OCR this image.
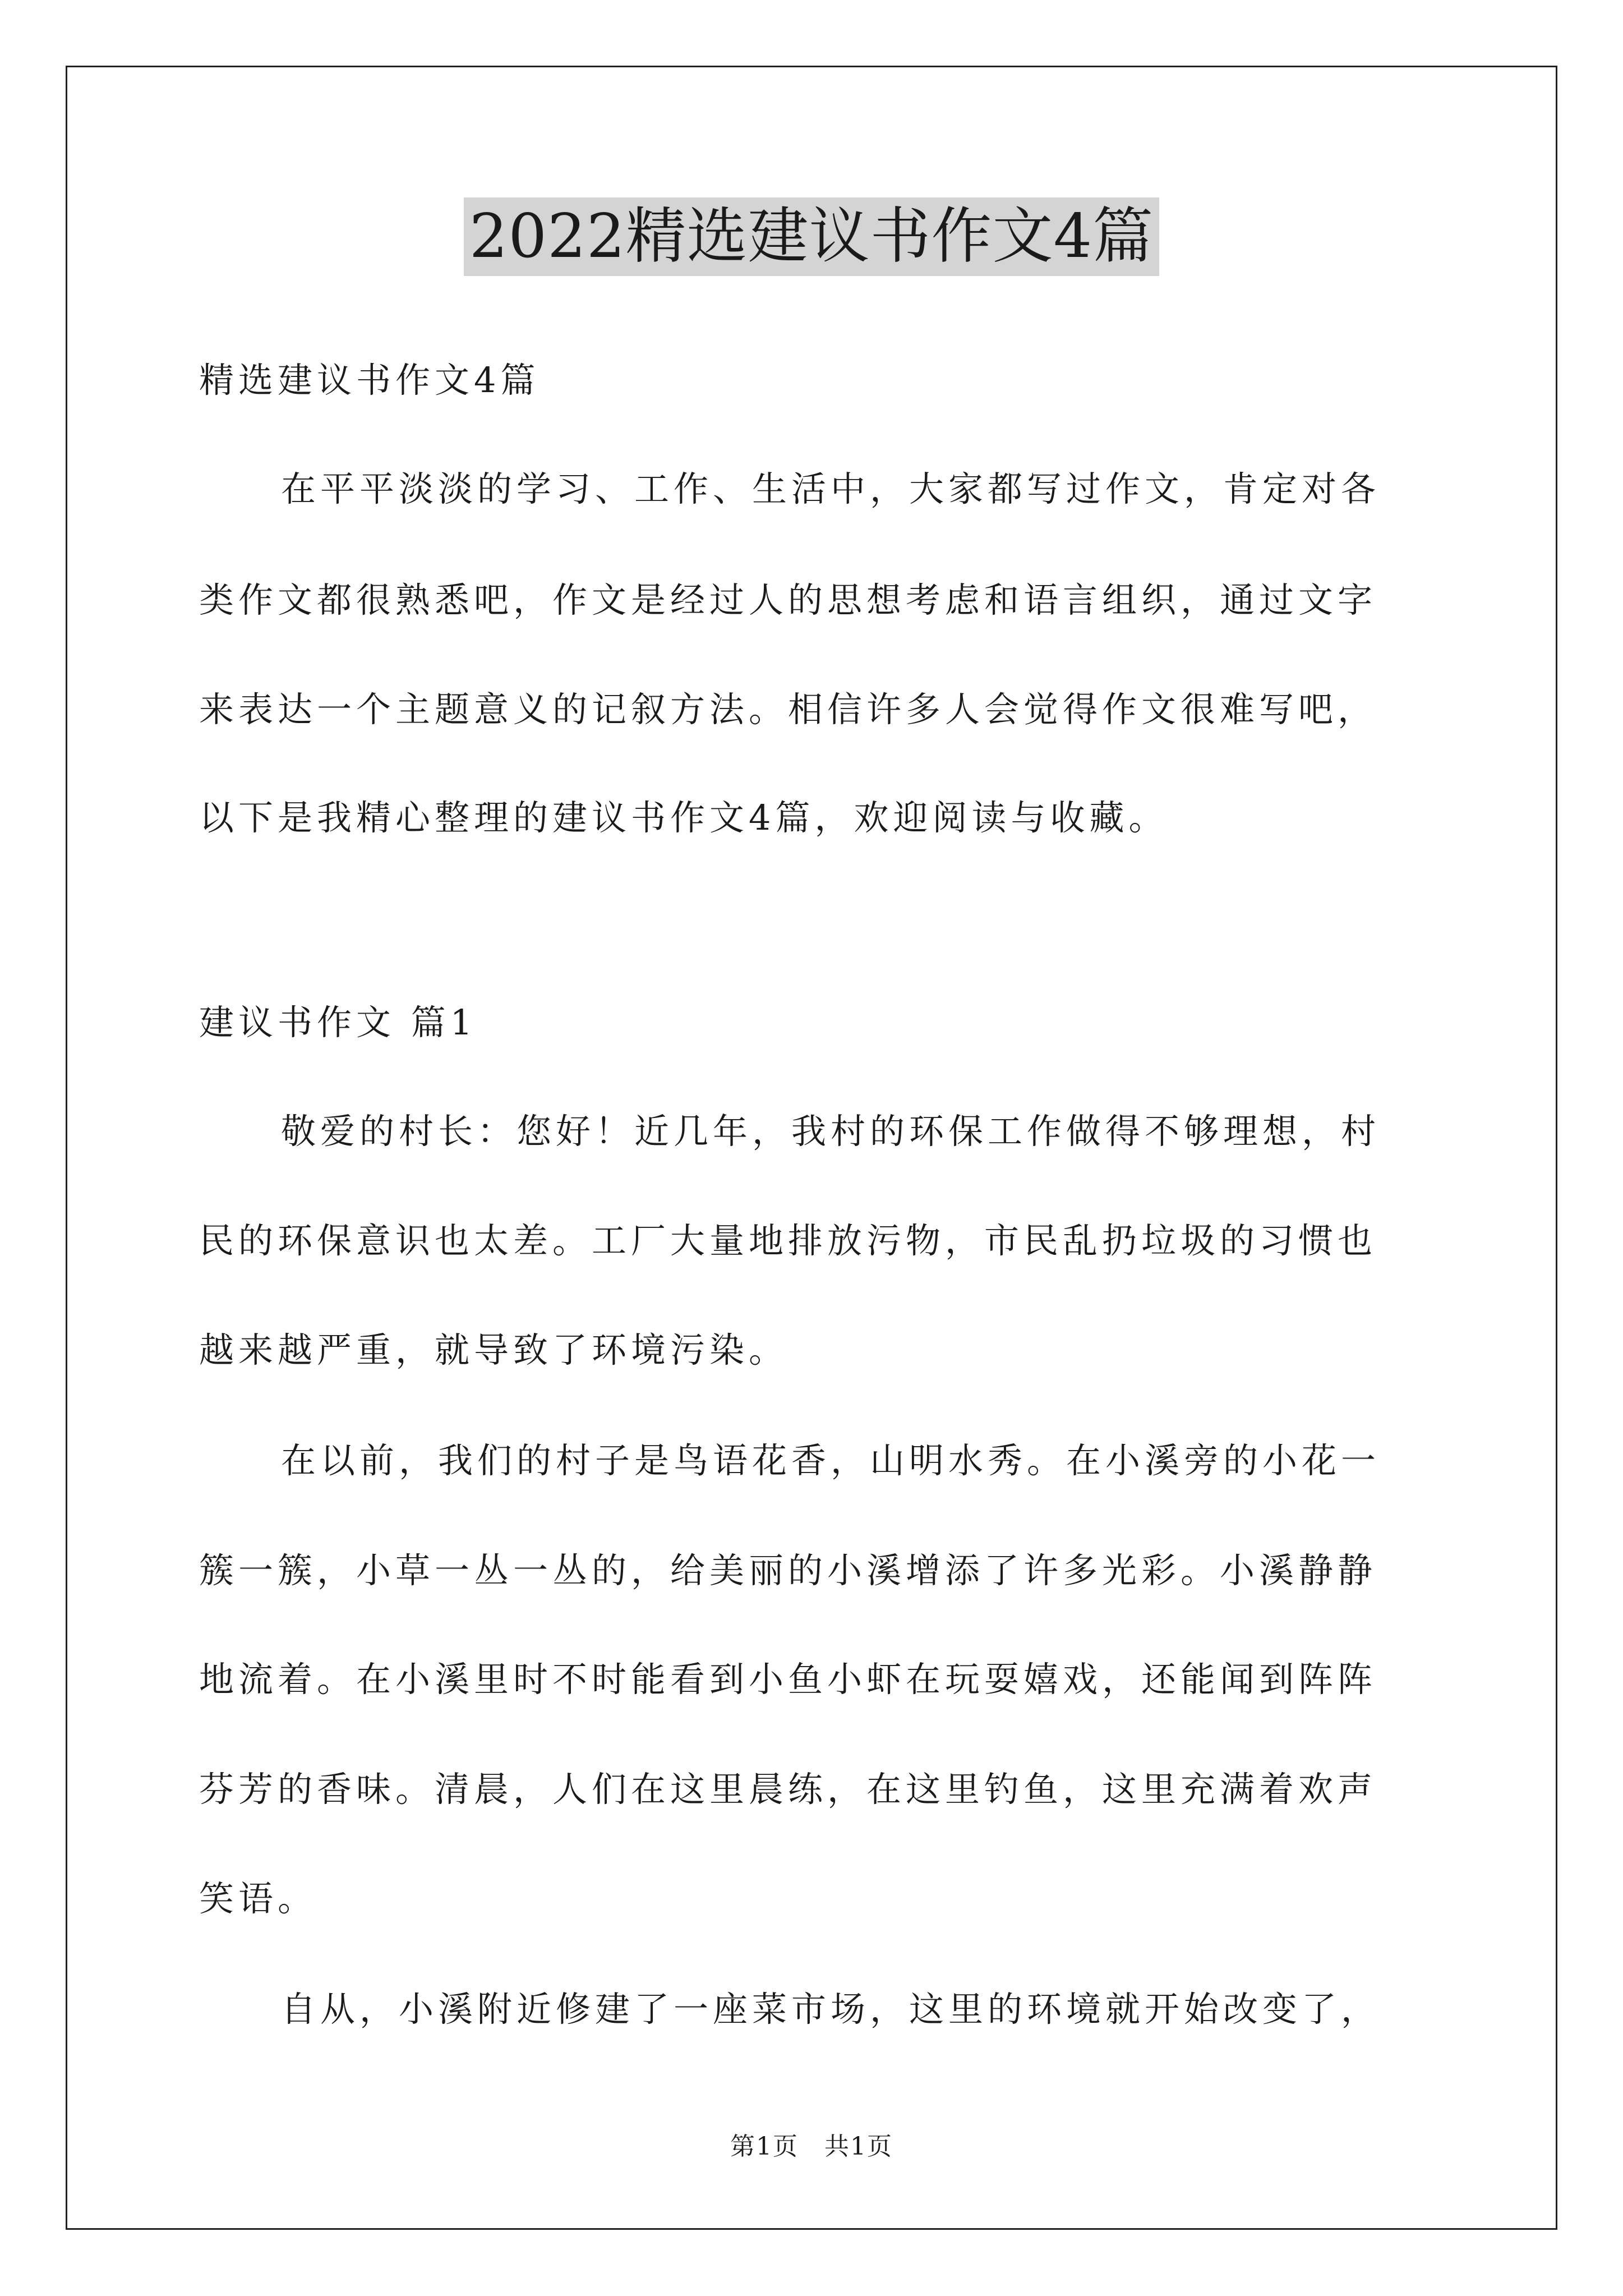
2022精选建议书作文4篇
精选建议书作文4篇
在平平淡淡的学习、工作、生活中，大家都写过作文，肯定对各
类作文都很熟悉吧，作文是经过人的思想考虑和语言组织，通过文字
来表达一个主题意义的记叙方法。相信许多人会觉得作文很难写吧，
以下是我精心整理的建议书作文4篇，欢迎阅读与收藏。
建议书作文 篇1
敬爱的村长：您好！近几年，我村的环保工作做得不够理想，村
民的环保意识也太差。工厂大量地排放污物，市民乱扔垃圾的习惯也
越来越严重，就导致了环境污染。
在以前，我们的村子是鸟语花香，山明水秀。在小溪旁的小花一
簇一簇，小草一丛一丛的，给美丽的小溪增添了许多光彩。小溪静静
地流着。在小溪里时不时能看到小鱼小虾在玩耍嬉戏，还能闻到阵阵
芬芳的香味。清晨，人们在这里晨练，在这里钓鱼，这里充满着欢声
笑语。
自从，小溪附近修建了一座菜市场，这里的环境就开始改变了，
第1页　共1页
